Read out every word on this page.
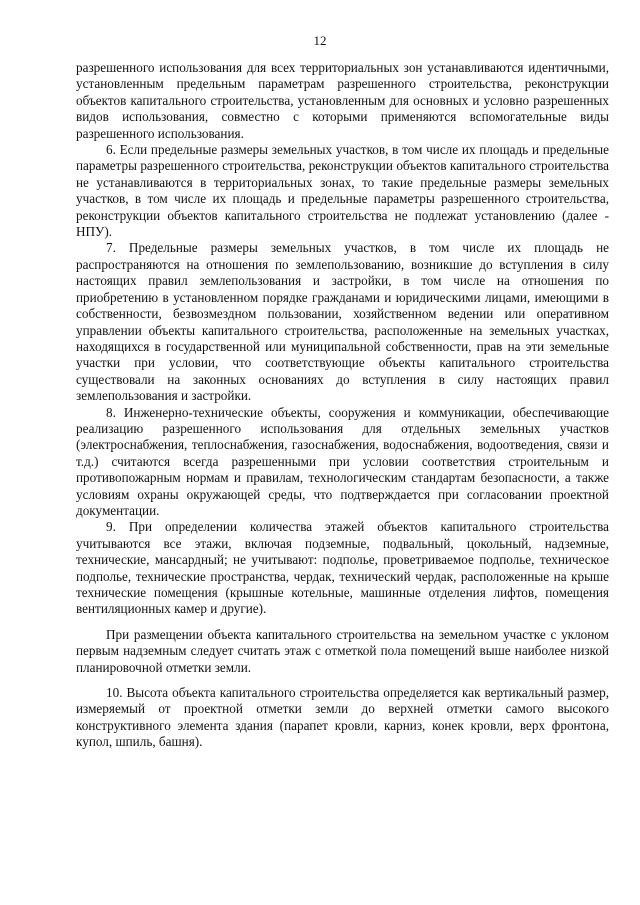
12

разрешенного использования для всех территориальных зон устанавливаются идентичными, установленным предельным параметрам разрешенного строительства, реконструкции объектов капитального строительства, установленным для основных и условно разрешенных видов использования, совместно с которыми применяются вспомогательные виды разрешенного использования.

6. Если предельные размеры земельных участков, в том числе их площадь и предельные параметры разрешенного строительства, реконструкции объектов капитального строительства не устанавливаются в территориальных зонах, то такие предельные размеры земельных участков, в том числе их площадь и предельные параметры разрешенного строительства, реконструкции объектов капитального строительства не подлежат установлению (далее - НПУ).

7. Предельные размеры земельных участков, в том числе их площадь не распространяются на отношения по землепользованию, возникшие до вступления в силу настоящих правил землепользования и застройки, в том числе на отношения по приобретению в установленном порядке гражданами и юридическими лицами, имеющими в собственности, безвозмездном пользовании, хозяйственном ведении или оперативном управлении объекты капитального строительства, расположенные на земельных участках, находящихся в государственной или муниципальной собственности, прав на эти земельные участки при условии, что соответствующие объекты капитального строительства существовали на законных основаниях до вступления в силу настоящих правил землепользования и застройки.

8. Инженерно-технические объекты, сооружения и коммуникации, обеспечивающие реализацию разрешенного использования для отдельных земельных участков (электроснабжения, теплоснабжения, газоснабжения, водоснабжения, водоотведения, связи и т.д.) считаются всегда разрешенными при условии соответствия строительным и противопожарным нормам и правилам, технологическим стандартам безопасности, а также условиям охраны окружающей среды, что подтверждается при согласовании проектной документации.

9. При определении количества этажей объектов капитального строительства учитываются все этажи, включая подземные, подвальный, цокольный, надземные, технические, мансардный; не учитывают: подполье, проветриваемое подполье, техническое подполье, технические пространства, чердак, технический чердак, расположенные на крыше технические помещения (крышные котельные, машинные отделения лифтов, помещения вентиляционных камер и другие).

При размещении объекта капитального строительства на земельном участке с уклоном первым надземным следует считать этаж с отметкой пола помещений выше наиболее низкой планировочной отметки земли.

10. Высота объекта капитального строительства определяется как вертикальный размер, измеряемый от проектной отметки земли до верхней отметки самого высокого конструктивного элемента здания (парапет кровли, карниз, конек кровли, верх фронтона, купол, шпиль, башня).
